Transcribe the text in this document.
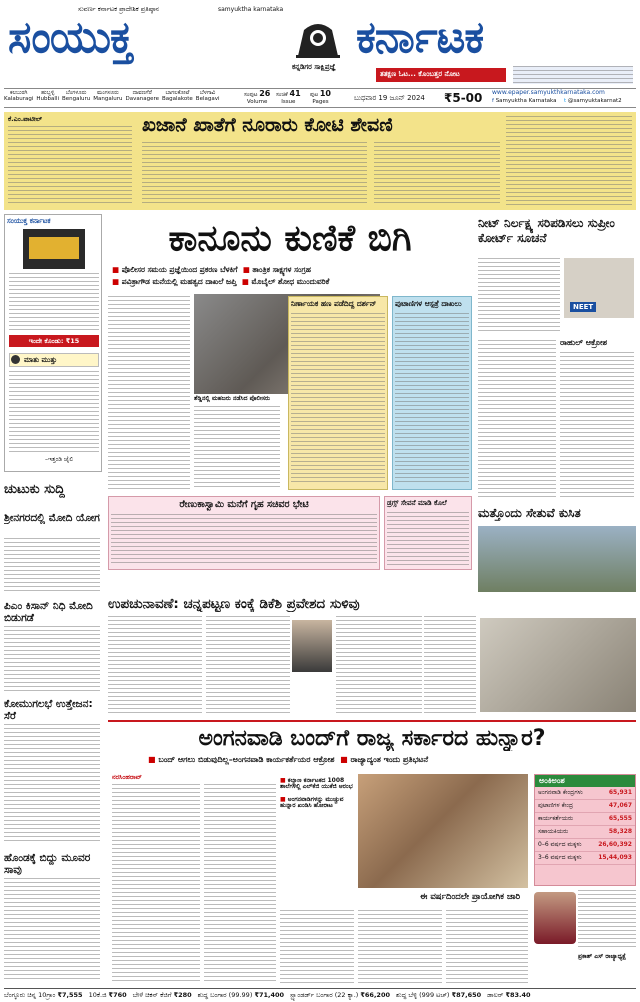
ಸುವರ್ಣ ಕರ್ನಾಟಕ ಪ್ರಾದೇಶಿಕ ಪ್ರತಿಷ್ಠಾನ	samyuktha karnataka
ಸಂಯುಕ್ತ
ಕನ್ನಡಿಗರ ಸಾಕ್ಷಿಪ್ರಜ್ಞೆ
ಕರ್ನಾಟಕ
ತತಕ್ಷಣ ಓಟ... ಕೊಂಬತ್ತರ ನೋಟ
ಕಲಬುರಗಿ
Kalaburagi
ಹುಬ್ಬಳ್ಳಿ
Hubballi
ಬೆಂಗಳೂರು
Bengaluru
ಮಂಗಳೂರು
Mangaluru
ದಾವಣಗೆರೆ
Davanagere
ಬಾಗಲಕೋಟೆ
Bagalakote
ಬೆಳಗಾವಿ
Belagavi
ಸಂಪುಟ 26
Volume
ಸಂಚಿಕೆ 41
Issue
ಪುಟ 10
Pages	ಬುಧವಾರ 19 ಜೂನ್ 2024 ₹5-00 www.epaper.samyukthkarnataka.com
f Samyuktha Karnataka t @samyuktakarnat2
ಕೆ.ಎಂ.ಪಾಟೀಲ್	ಖಜಾನೆ ಖಾತೆಗೆ ನೂರಾರು ಕೋಟಿ ಶೇವಣಿ
ಸಂಯುಕ್ತ ಕರ್ನಾಟಕ
ಇಂದೇ ಕೊಂಡು: ₹15
ಮಾತು ಮುತ್ತು
–ಇತ್ತಂಡಿ ಜೈಲಿ
ಚುಟುಕು ಸುದ್ದಿ
ಶ್ರೀನಗರದಲ್ಲಿ ಮೋದಿ ಯೋಗ
ಪಿಎಂ ಕಿಸಾನ್ ನಿಧಿ ಮೋದಿ ಬಿಡುಗಡೆ
ಕೋಮುಗಲಭೆ ಉತ್ತೇಜನ: ಸೆರೆ
ಹೊಂಡಕ್ಕೆ ಬಿದ್ದು ಮೂವರ ಸಾವು
ಕಾನೂನು ಕುಣಿಕೆ ಬಿಗಿ
■ ಪೊಲೀಸರ ಸಮಯ ಪ್ರಜ್ಞೆಯಿಂದ ಪ್ರಕರಣ ಬೆಳಕಿಗೆ ■ ತಾಂತ್ರಿಕ ಸಾಕ್ಷ್ಯಗಳ ಸಂಗ್ರಹ
■ ಪವಿತ್ರಾಗೌಡ ಮನೆಯಲ್ಲಿ ಮಹತ್ವದ ದಾಖಲೆ ಜಪ್ತಿ ■ ಮೊಬೈಲ್ ಶೋಧ ಮುಂದುವರಿಕೆ
ಶೆಡ್ಡಿನಲ್ಲಿ ಮಹಜರು ನಡೆಸಿದ ಪೊಲೀಸರು
ನಿರ್ಣಾಯಕ ಹಣ ಪಡೆದಿದ್ದ ದರ್ಶನ್	ಪುಟಾಣಿಗಳ ಆಸ್ಪತ್ರೆ ದಾಖಲು
ರೇಣುಕಾಸ್ವಾಮಿ ಮನೆಗೆ ಗೃಹ ಸಚಿವರ ಭೇಟಿ	ಡ್ರಗ್ಸ್ ಸೇವನೆ ಮಾಡಿ ಕೊಲೆ
ನೀಟ್ ನಿರ್ಲಕ್ಷ್ಯ ಸರಿಪಡಿಸಲು ಸುಪ್ರೀಂ ಕೋರ್ಟ್ ಸೂಚನೆ
NEET
ರಾಹುಲ್ ಆಕ್ರೋಶ
ಮತ್ತೊಂದು ಸೇತುವೆ ಕುಸಿತ
ಉಪಚುನಾವಣೆ: ಚನ್ನಪಟ್ಟಣ ಕಂಕ್ಕೆ ಡಿಕೆಶಿ ಪ್ರವೇಶದ ಸುಳಿವು
ಅಂಗನವಾಡಿ ಬಂದ್‌ಗೆ ರಾಜ್ಯ ಸರ್ಕಾರದ ಹುನ್ನಾರ?
■ ಬಂದ್ ಆಗಲು ಬಿಡುವುದಿಲ್ಲ–ಅಂಗನವಾಡಿ ಕಾರ್ಯಕರ್ತೆಯರ ಆಕ್ರೋಶ ■ ರಾಜ್ಯಾದ್ಯಂತ ಇಂದು ಪ್ರತಿಭಟನೆ
ನರಸಿಂಹರಾವ್	■ ಕಲ್ಯಾಣ ಕರ್ನಾಟಕದ 1008 ಶಾಲೆಗಳಲ್ಲಿ ಎಲ್‌ಕೆಜಿ ಯುಕೆಜಿ ಆರಂಭ
■ ಅಂಗನವಾಡಿಗಳನ್ನು ಮುಚ್ಚುವ ಹುನ್ನಾರ ಖಂಡಿಸಿ ಹೋರಾಟ
ಈ ವರ್ಷದಿಂದಲೇ ಪ್ರಾಯೋಗಿಕ ಜಾರಿ
ಅಂಕಿಅಂಶ
ಅಂಗನವಾಡಿ ಕೇಂದ್ರಗಳು	65,931
ಪುಟಾಣಿಗಳ ಕೇಂದ್ರ	47,067
ಕಾರ್ಯಕರ್ತೆಯರು	65,555
ಸಹಾಯಕಿಯರು	58,328
0–6 ವರ್ಷದ ಮಕ್ಕಳು	26,60,392
3–6 ವರ್ಷದ ಮಕ್ಕಳು	15,44,093
ಪ್ರಕಾಶ್ ಎಸ್ ರಾಜ್ಯಾಧ್ಯಕ್ಷೆ
ಬೆಂಗ್ಳೂರು ಚಿನ್ನ 10ಗ್ರಾಂ ₹7,555 10ಕೆ.ಜಿ ₹760 ಬೇಳೆ ಚಿಕನ್ ಕೆಜಿಗೆ ₹280 ಶುದ್ಧ ಬಂಗಾರ (99.99) ₹71,400 ಸ್ಟ್ಯಾಂಡರ್ಡ್ ಬಂಗಾರ (22 ಕ್ಯಾ.) ₹66,200 ಶುದ್ಧ ಬೆಳ್ಳಿ (999 ಟಚ್) ₹87,650 ಡಾಲರ್ ₹83.40
